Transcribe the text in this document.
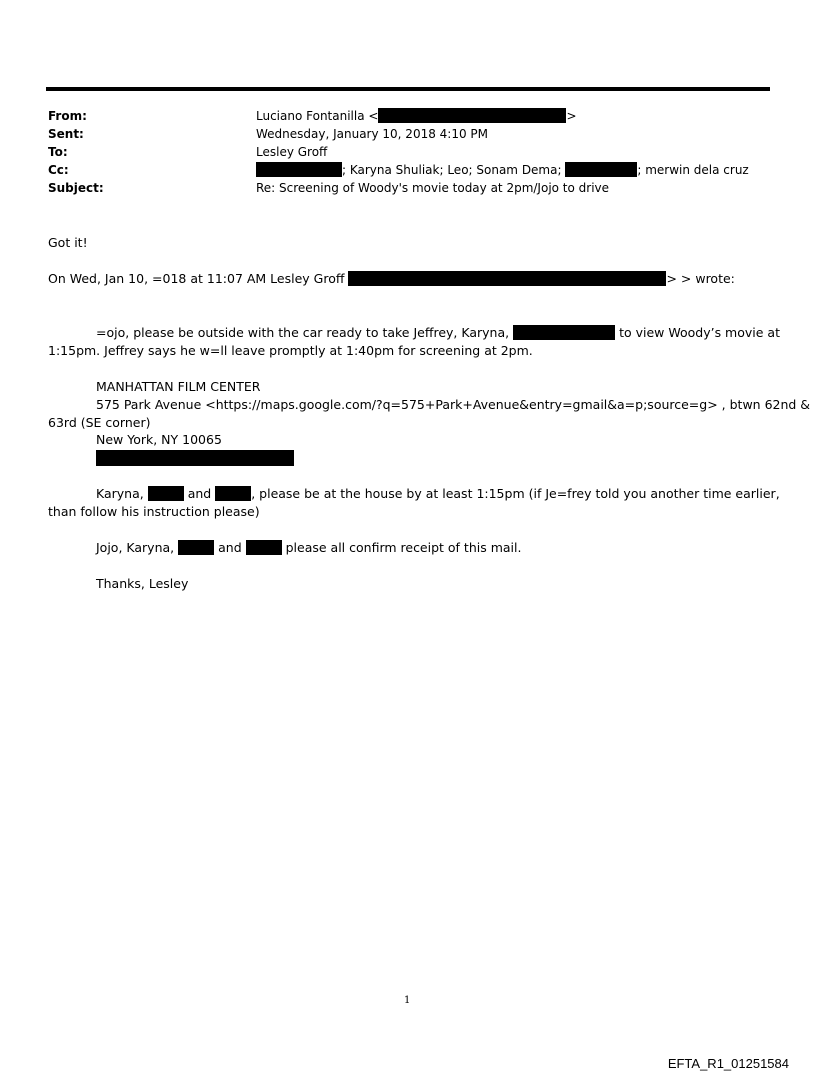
From:	Luciano Fontanilla <	>
Sent:	Wednesday, January 10, 2018 4:10 PM
To:	Lesley Groff
Cc:	; Karyna Shuliak; Leo; Sonam Dema;	; merwin dela cruz
Subject:	Re: Screening of Woody's movie today at 2pm/Jojo to drive
Got it!
On Wed, Jan 10, =018 at 11:07 AM Lesley Groff	> > wrote:
=ojo, please be outside with the car ready to take Jeffrey, Karyna,	to view Woody’s movie at
1:15pm. Jeffrey says he w=ll leave promptly at 1:40pm for screening at 2pm.
MANHATTAN FILM CENTER
575 Park Avenue <https://maps.google.com/?q=575+Park+Avenue&entry=gmail&a=p;source=g> , btwn 62nd &
63rd (SE corner)
New York, NY 10065
Karyna,	and	, please be at the house by at least 1:15pm (if Je=frey told you another time earlier,
than follow his instruction please)
Jojo, Karyna,	and	please all confirm receipt of this mail.
Thanks, Lesley
1
EFTA_R1_01251584
